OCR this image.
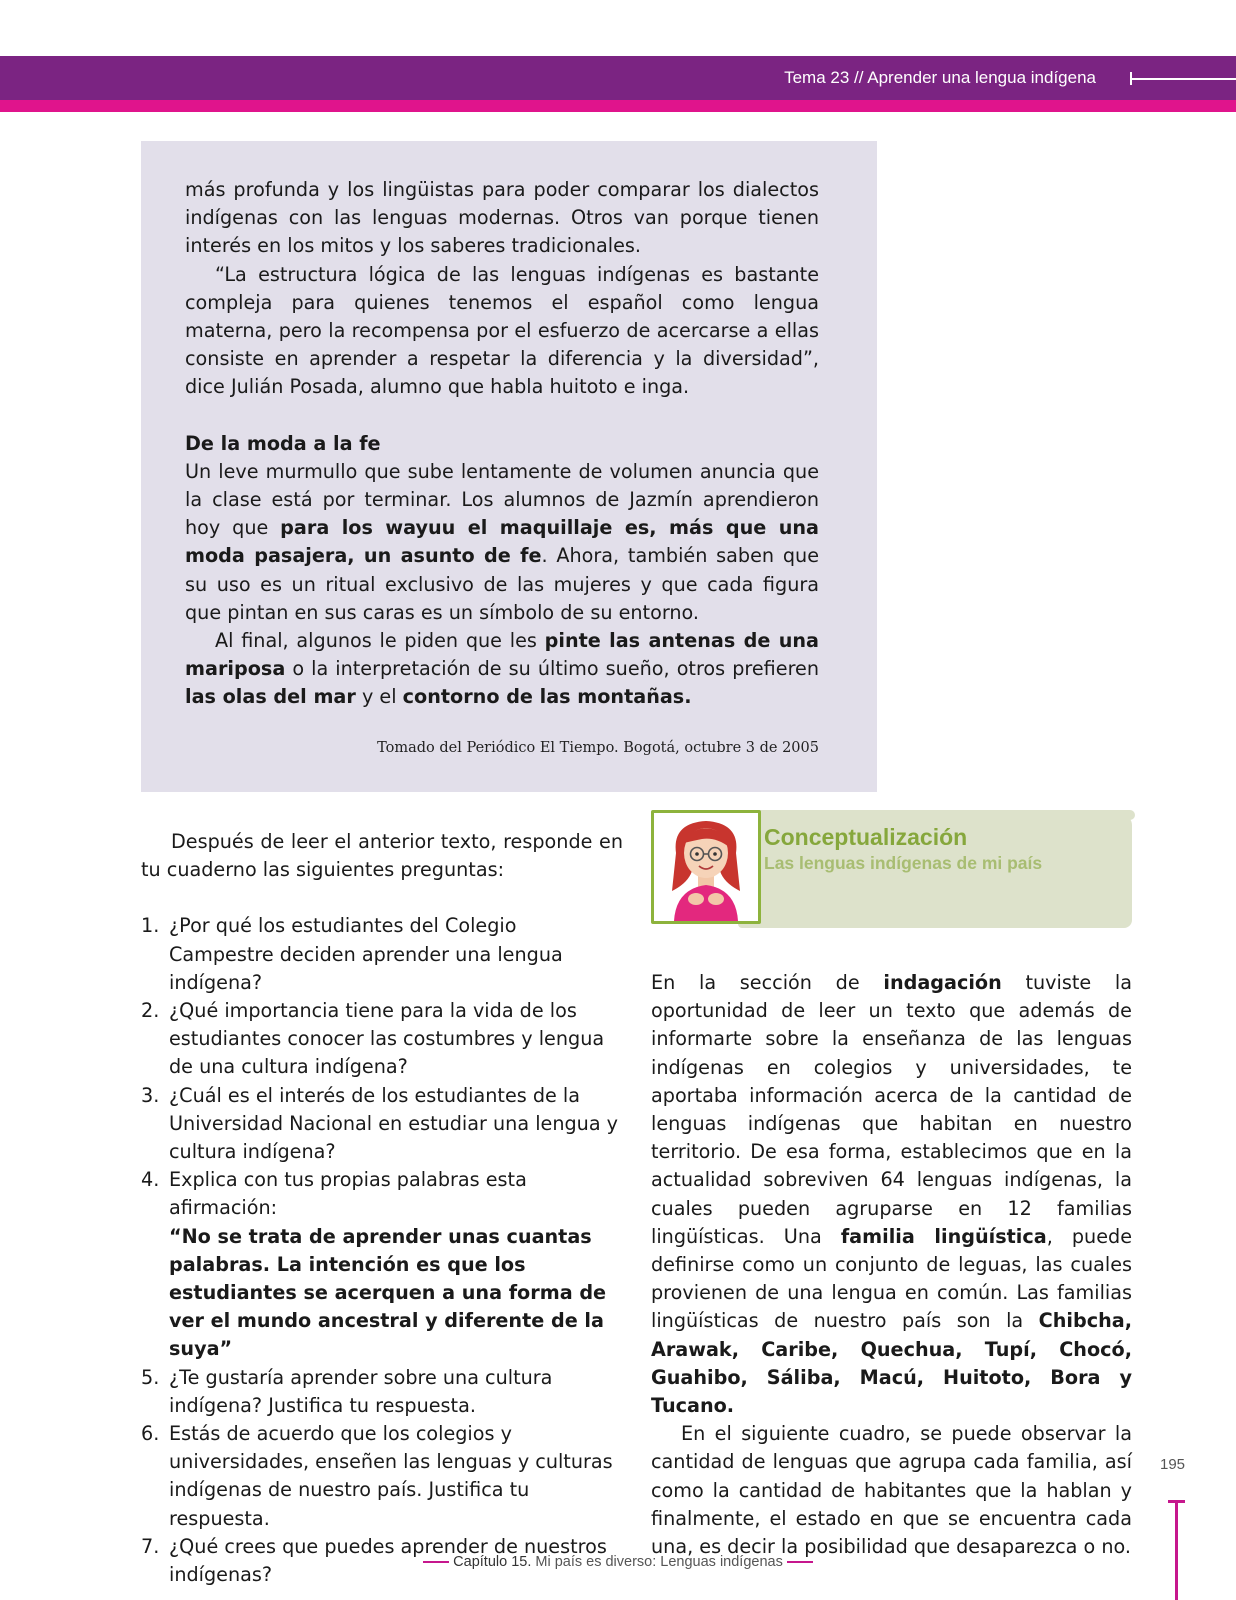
Tema 23 // Aprender una lengua indígena

más profunda y los lingüistas para poder comparar los dialectos indígenas con las lenguas modernas. Otros van porque tienen interés en los mitos y los saberes tradicionales.

“La estructura lógica de las lenguas indígenas es bastante compleja para quienes tenemos el español como lengua materna, pero la recompensa por el esfuerzo de acercarse a ellas consiste en aprender a respetar la diferencia y la diversidad”, dice Julián Posada, alumno que habla huitoto e inga.

De la moda a la fe

Un leve murmullo que sube lentamente de volumen anuncia que la clase está por terminar. Los alumnos de Jazmín aprendieron hoy que para los wayuu el maquillaje es, más que una moda pasajera, un asunto de fe. Ahora, también saben que su uso es un ritual exclusivo de las mujeres y que cada figura que pintan en sus caras es un símbolo de su entorno.

Al final, algunos le piden que les pinte las antenas de una mariposa o la interpretación de su último sueño, otros prefieren las olas del mar y el contorno de las montañas.

Tomado del Periódico El Tiempo. Bogotá, octubre 3 de 2005

Después de leer el anterior texto, responde en tu cuaderno las siguientes preguntas:

1. ¿Por qué los estudiantes del Colegio Campestre deciden aprender una lengua indígena?
2. ¿Qué importancia tiene para la vida de los estudiantes conocer las costumbres y lengua de una cultura indígena?
3. ¿Cuál es el interés de los estudiantes de la Universidad Nacional en estudiar una lengua y cultura indígena?
4. Explica con tus propias palabras esta afirmación:
“No se trata de aprender unas cuantas palabras. La intención es que los estudiantes se acerquen a una forma de ver el mundo ancestral y diferente de la suya”
5. ¿Te gustaría aprender sobre una cultura indígena? Justifica tu respuesta.
6. Estás de acuerdo que los colegios y universidades, enseñen las lenguas y culturas indígenas de nuestro país. Justifica tu respuesta.
7. ¿Qué crees que puedes aprender de nuestros indígenas?
Conceptualización
Las lenguas indígenas de mi país

En la sección de indagación tuviste la oportunidad de leer un texto que además de informarte sobre la enseñanza de las lenguas indígenas en colegios y universidades, te aportaba información acerca de la cantidad de lenguas indígenas que habitan en nuestro territorio. De esa forma, establecimos que en la actualidad sobreviven 64 lenguas indígenas, la cuales pueden agruparse en 12 familias lingüísticas. Una familia lingüística, puede definirse como un conjunto de leguas, las cuales provienen de una lengua en común. Las familias lingüísticas de nuestro país son la Chibcha, Arawak, Caribe, Quechua, Tupí, Chocó, Guahibo, Sáliba, Macú, Huitoto, Bora y Tucano.

En el siguiente cuadro, se puede observar la cantidad de lenguas que agrupa cada familia, así como la cantidad de habitantes que la hablan y finalmente, el estado en que se encuentra cada una, es decir la posibilidad que desaparezca o no.

195
Capítulo 15. Mi país es diverso: Lenguas indígenas
